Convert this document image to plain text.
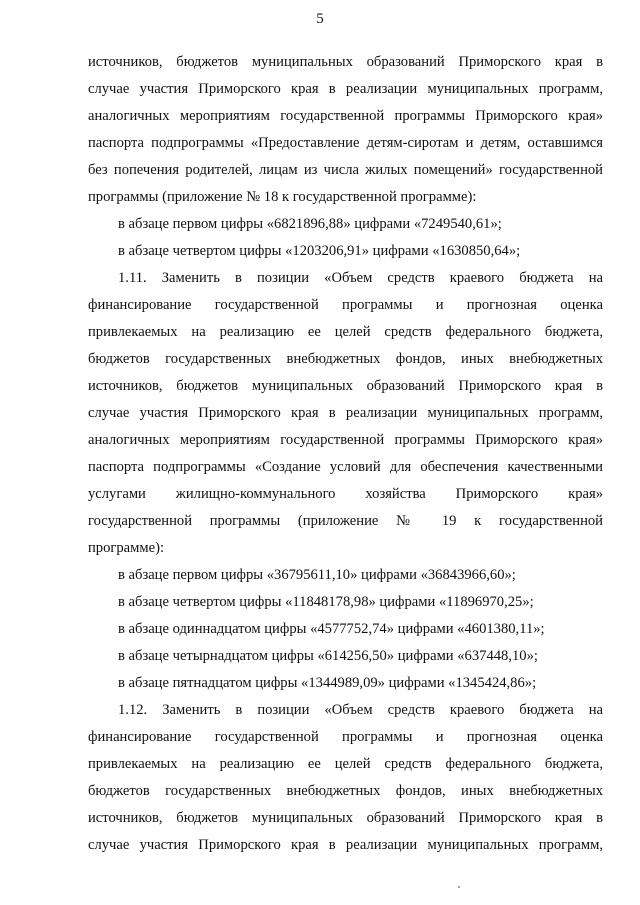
5
источников, бюджетов муниципальных образований Приморского края в
случае участия Приморского края в реализации муниципальных программ,
аналогичных мероприятиям государственной программы Приморского края»
паспорта подпрограммы «Предоставление детям-сиротам и детям, оставшимся
без попечения родителей, лицам из числа жилых помещений» государственной
программы (приложение № 18 к государственной программе):
в абзаце первом цифры «6821896,88» цифрами «7249540,61»;
в абзаце четвертом цифры «1203206,91» цифрами «1630850,64»;
1.11. Заменить в позиции «Объем средств краевого бюджета на
финансирование государственной программы и прогнозная оценка
привлекаемых на реализацию ее целей средств федерального бюджета,
бюджетов государственных внебюджетных фондов, иных внебюджетных
источников, бюджетов муниципальных образований Приморского края в
случае участия Приморского края в реализации муниципальных программ,
аналогичных мероприятиям государственной программы Приморского края»
паспорта подпрограммы «Создание условий для обеспечения качественными
услугами жилищно-коммунального хозяйства Приморского края»
государственной программы (приложение № 19 к государственной
программе):
в абзаце первом цифры «36795611,10» цифрами «36843966,60»;
в абзаце четвертом цифры «11848178,98» цифрами «11896970,25»;
в абзаце одиннадцатом цифры «4577752,74» цифрами «4601380,11»;
в абзаце четырнадцатом цифры «614256,50» цифрами «637448,10»;
в абзаце пятнадцатом цифры «1344989,09» цифрами «1345424,86»;
1.12. Заменить в позиции «Объем средств краевого бюджета на
финансирование государственной программы и прогнозная оценка
привлекаемых на реализацию ее целей средств федерального бюджета,
бюджетов государственных внебюджетных фондов, иных внебюджетных
источников, бюджетов муниципальных образований Приморского края в
случае участия Приморского края в реализации муниципальных программ,
